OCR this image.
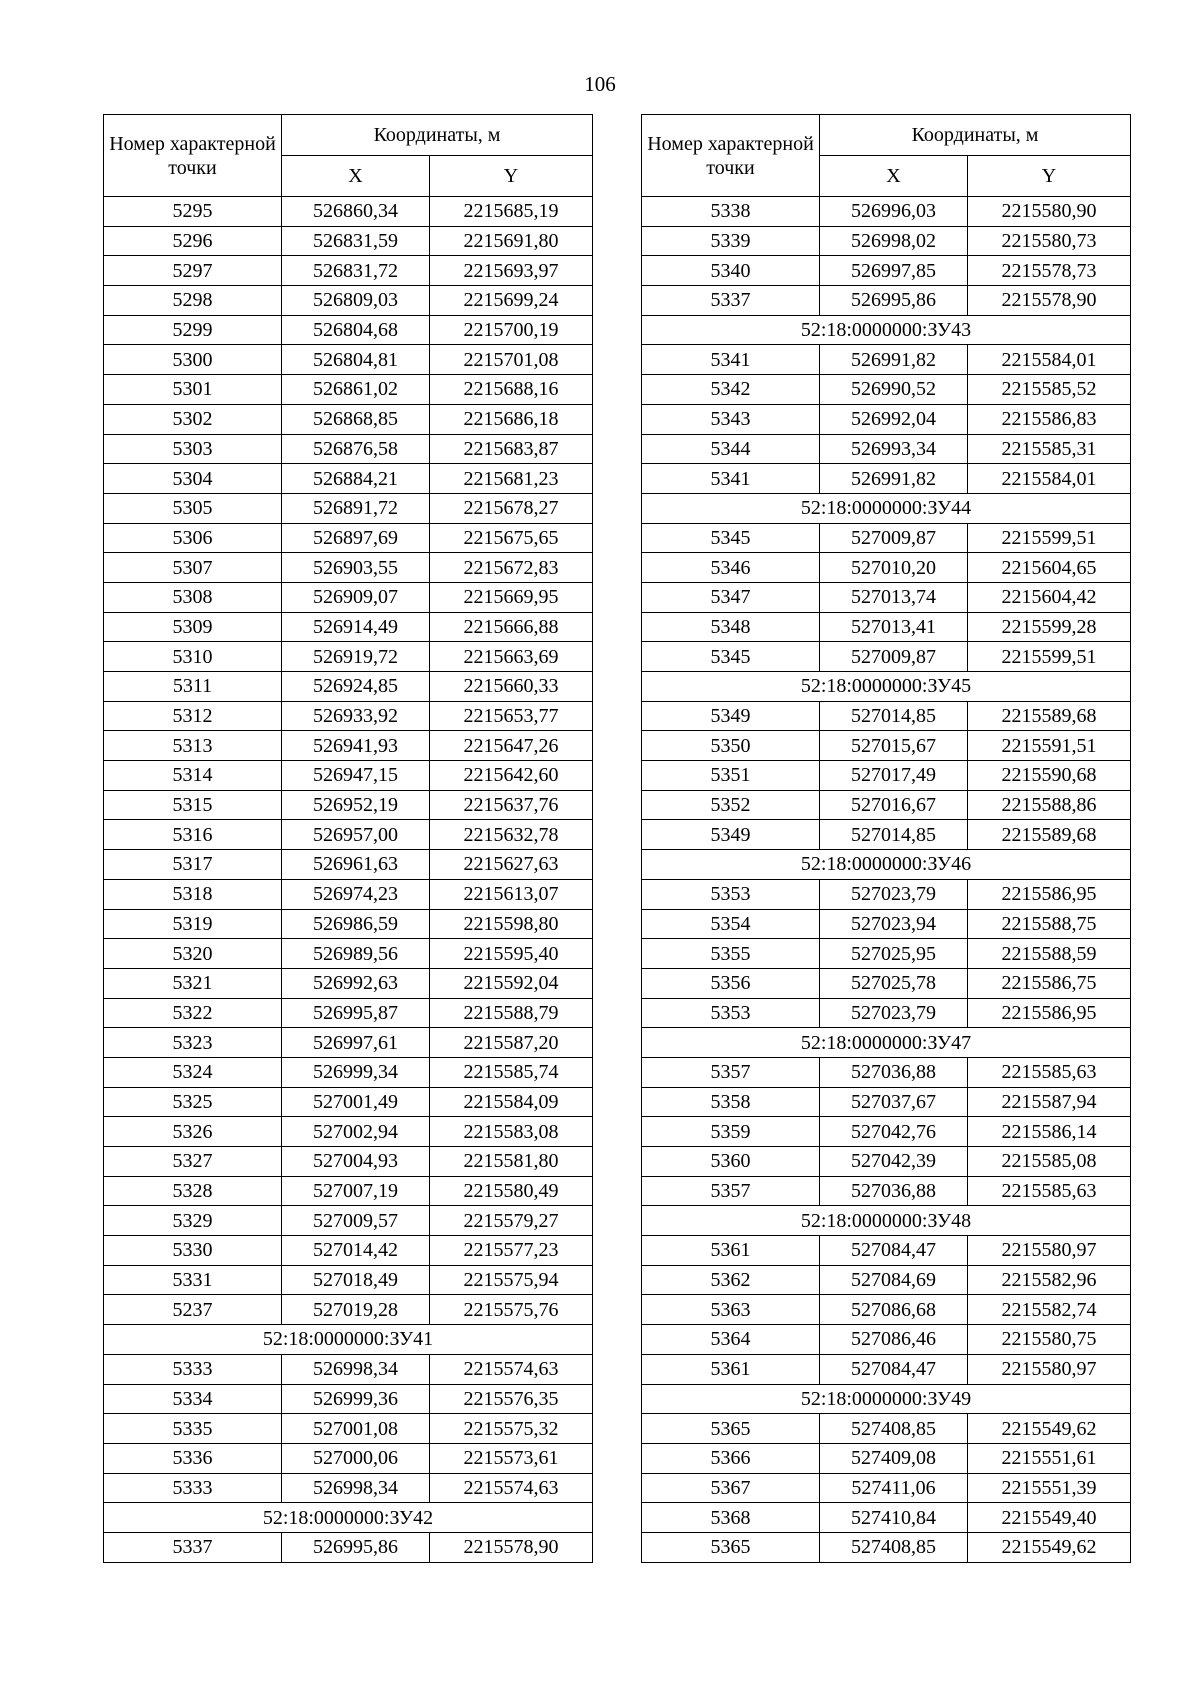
106
Номер характерной точки	Координаты, м	
	X	Y
5295	526860,34	2215685,19
5296	526831,59	2215691,80
5297	526831,72	2215693,97
5298	526809,03	2215699,24
5299	526804,68	2215700,19
5300	526804,81	2215701,08
5301	526861,02	2215688,16
5302	526868,85	2215686,18
5303	526876,58	2215683,87
5304	526884,21	2215681,23
5305	526891,72	2215678,27
5306	526897,69	2215675,65
5307	526903,55	2215672,83
5308	526909,07	2215669,95
5309	526914,49	2215666,88
5310	526919,72	2215663,69
5311	526924,85	2215660,33
5312	526933,92	2215653,77
5313	526941,93	2215647,26
5314	526947,15	2215642,60
5315	526952,19	2215637,76
5316	526957,00	2215632,78
5317	526961,63	2215627,63
5318	526974,23	2215613,07
5319	526986,59	2215598,80
5320	526989,56	2215595,40
5321	526992,63	2215592,04
5322	526995,87	2215588,79
5323	526997,61	2215587,20
5324	526999,34	2215585,74
5325	527001,49	2215584,09
5326	527002,94	2215583,08
5327	527004,93	2215581,80
5328	527007,19	2215580,49
5329	527009,57	2215579,27
5330	527014,42	2215577,23
5331	527018,49	2215575,94
5237	527019,28	2215575,76
52:18:0000000:ЗУ41		
5333	526998,34	2215574,63
5334	526999,36	2215576,35
5335	527001,08	2215575,32
5336	527000,06	2215573,61
5333	526998,34	2215574,63
52:18:0000000:ЗУ42		
5337	526995,86	2215578,90
Номер характерной точки	Координаты, м	
	X	Y
5338	526996,03	2215580,90
5339	526998,02	2215580,73
5340	526997,85	2215578,73
5337	526995,86	2215578,90
52:18:0000000:ЗУ43		
5341	526991,82	2215584,01
5342	526990,52	2215585,52
5343	526992,04	2215586,83
5344	526993,34	2215585,31
5341	526991,82	2215584,01
52:18:0000000:ЗУ44		
5345	527009,87	2215599,51
5346	527010,20	2215604,65
5347	527013,74	2215604,42
5348	527013,41	2215599,28
5345	527009,87	2215599,51
52:18:0000000:ЗУ45		
5349	527014,85	2215589,68
5350	527015,67	2215591,51
5351	527017,49	2215590,68
5352	527016,67	2215588,86
5349	527014,85	2215589,68
52:18:0000000:ЗУ46		
5353	527023,79	2215586,95
5354	527023,94	2215588,75
5355	527025,95	2215588,59
5356	527025,78	2215586,75
5353	527023,79	2215586,95
52:18:0000000:ЗУ47		
5357	527036,88	2215585,63
5358	527037,67	2215587,94
5359	527042,76	2215586,14
5360	527042,39	2215585,08
5357	527036,88	2215585,63
52:18:0000000:ЗУ48		
5361	527084,47	2215580,97
5362	527084,69	2215582,96
5363	527086,68	2215582,74
5364	527086,46	2215580,75
5361	527084,47	2215580,97
52:18:0000000:ЗУ49		
5365	527408,85	2215549,62
5366	527409,08	2215551,61
5367	527411,06	2215551,39
5368	527410,84	2215549,40
5365	527408,85	2215549,62
